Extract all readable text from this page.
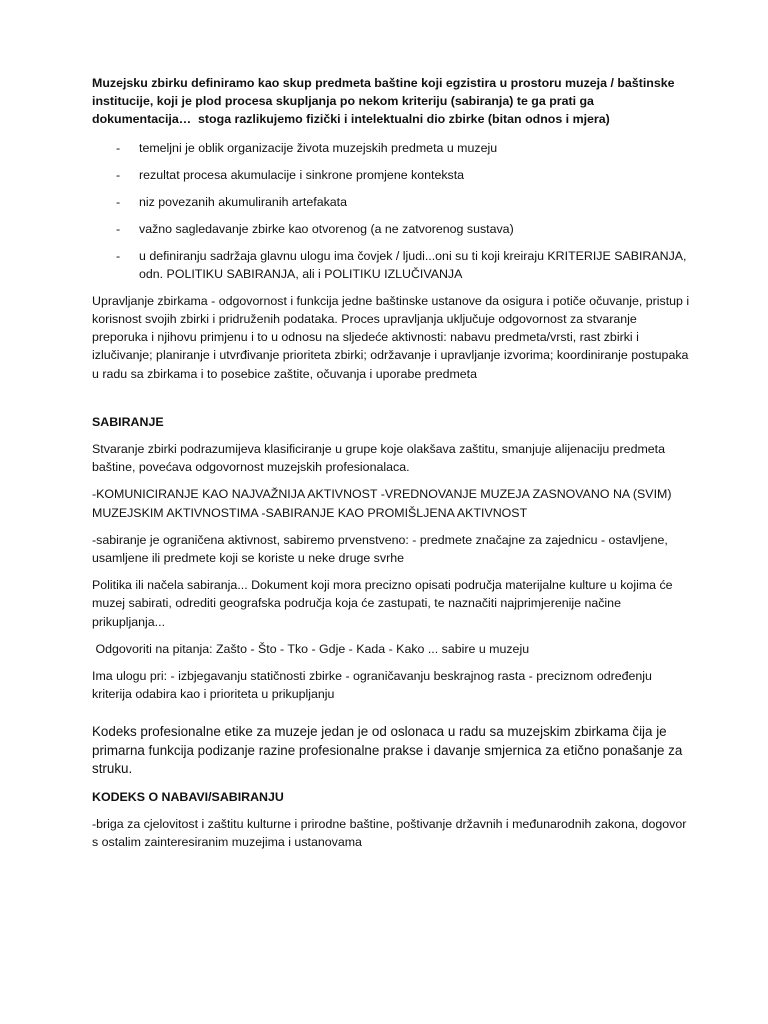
Muzejsku zbirku definiramo kao skup predmeta baštine koji egzistira u prostoru muzeja / baštinske institucije, koji je plod procesa skupljanja po nekom kriteriju (sabiranja) te ga prati ga dokumentacija…  stoga razlikujemo fizički i intelektualni dio zbirke (bitan odnos i mjera)

- temeljni je oblik organizacije života muzejskih predmeta u muzeju
- rezultat procesa akumulacije i sinkrone promjene konteksta
- niz povezanih akumuliranih artefakata
- važno sagledavanje zbirke kao otvorenog (a ne zatvorenog sustava)
- u definiranju sadržaja glavnu ulogu ima čovjek / ljudi...oni su ti koji kreiraju KRITERIJE SABIRANJA, odn. POLITIKU SABIRANJA, ali i POLITIKU IZLUČIVANJA

Upravljanje zbirkama - odgovornost i funkcija jedne baštinske ustanove da osigura i potiče očuvanje, pristup i korisnost svojih zbirki i pridruženih podataka. Proces upravljanja uključuje odgovornost za stvaranje preporuka i njihovu primjenu i to u odnosu na sljedeće aktivnosti: nabavu predmeta/vrsti, rast zbirki i izlučivanje; planiranje i utvrđivanje prioriteta zbirki; održavanje i upravljanje izvorima; koordiniranje postupaka u radu sa zbirkama i to posebice zaštite, očuvanja i uporabe predmeta

SABIRANJE

Stvaranje zbirki podrazumijeva klasificiranje u grupe koje olakšava zaštitu, smanjuje alijenaciju predmeta baštine, povećava odgovornost muzejskih profesionalaca.

-KOMUNICIRANJE KAO NAJVAŽNIJA AKTIVNOST -VREDNOVANJE MUZEJA ZASNOVANO NA (SVIM) MUZEJSKIM AKTIVNOSTIMA -SABIRANJE KAO PROMIŠLJENA AKTIVNOST

-sabiranje je ograničena aktivnost, sabiremo prvenstveno: - predmete značajne za zajednicu - ostavljene, usamljene ili predmete koji se koriste u neke druge svrhe

Politika ili načela sabiranja... Dokument koji mora precizno opisati područja materijalne kulture u kojima će muzej sabirati, odrediti geografska područja koja će zastupati, te naznačiti najprimjerenije načine prikupljanja...

Odgovoriti na pitanja: Zašto - Što - Tko - Gdje - Kada - Kako ... sabire u muzeju

Ima ulogu pri: - izbjegavanju statičnosti zbirke - ograničavanju beskrajnog rasta - preciznom određenju kriterija odabira kao i prioriteta u prikupljanju

Kodeks profesionalne etike za muzeje jedan je od oslonaca u radu sa muzejskim zbirkama čija je primarna funkcija podizanje razine profesionalne prakse i davanje smjernica za etično ponašanje za struku.

KODEKS O NABAVI/SABIRANJU

-briga za cjelovitost i zaštitu kulturne i prirodne baštine, poštivanje državnih i međunarodnih zakona, dogovor s ostalim zainteresiranim muzejima i ustanovama
